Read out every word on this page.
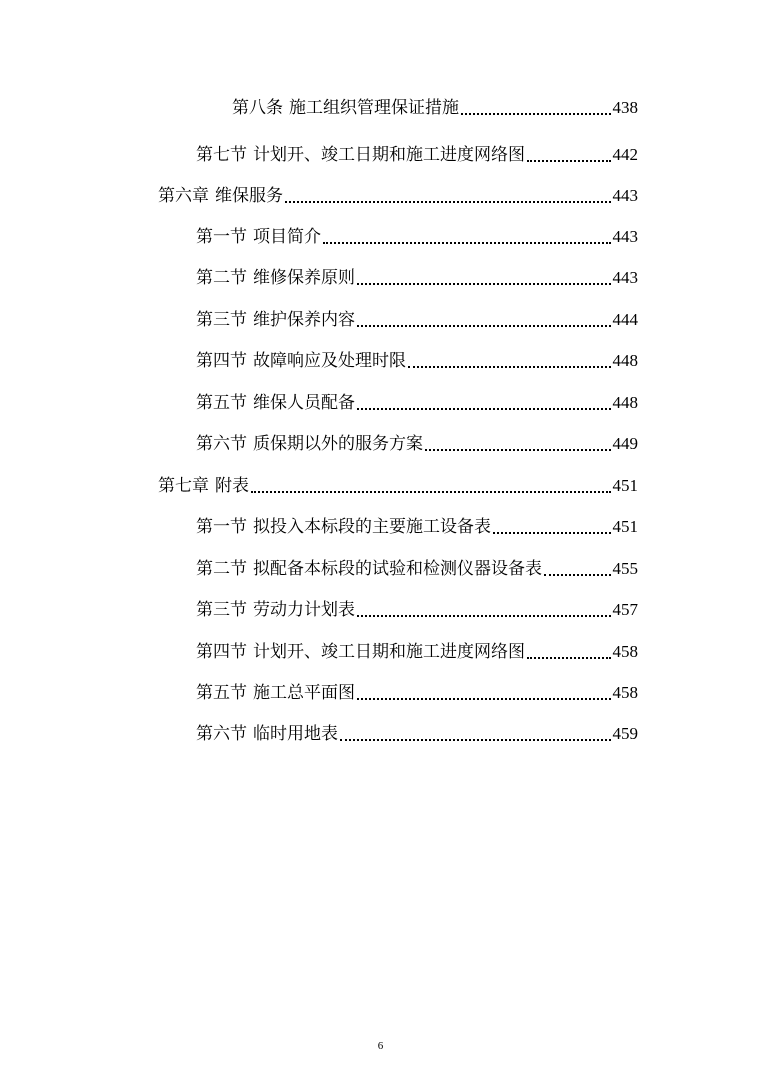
第八条 施工组织管理保证措施	438
第七节 计划开、竣工日期和施工进度网络图	442
第六章 维保服务	443
第一节 项目简介	443
第二节 维修保养原则	443
第三节 维护保养内容	444
第四节 故障响应及处理时限	448
第五节 维保人员配备	448
第六节 质保期以外的服务方案	449
第七章 附表	451
第一节 拟投入本标段的主要施工设备表	451
第二节 拟配备本标段的试验和检测仪器设备表	455
第三节 劳动力计划表	457
第四节 计划开、竣工日期和施工进度网络图	458
第五节 施工总平面图	458
第六节 临时用地表	459
6
